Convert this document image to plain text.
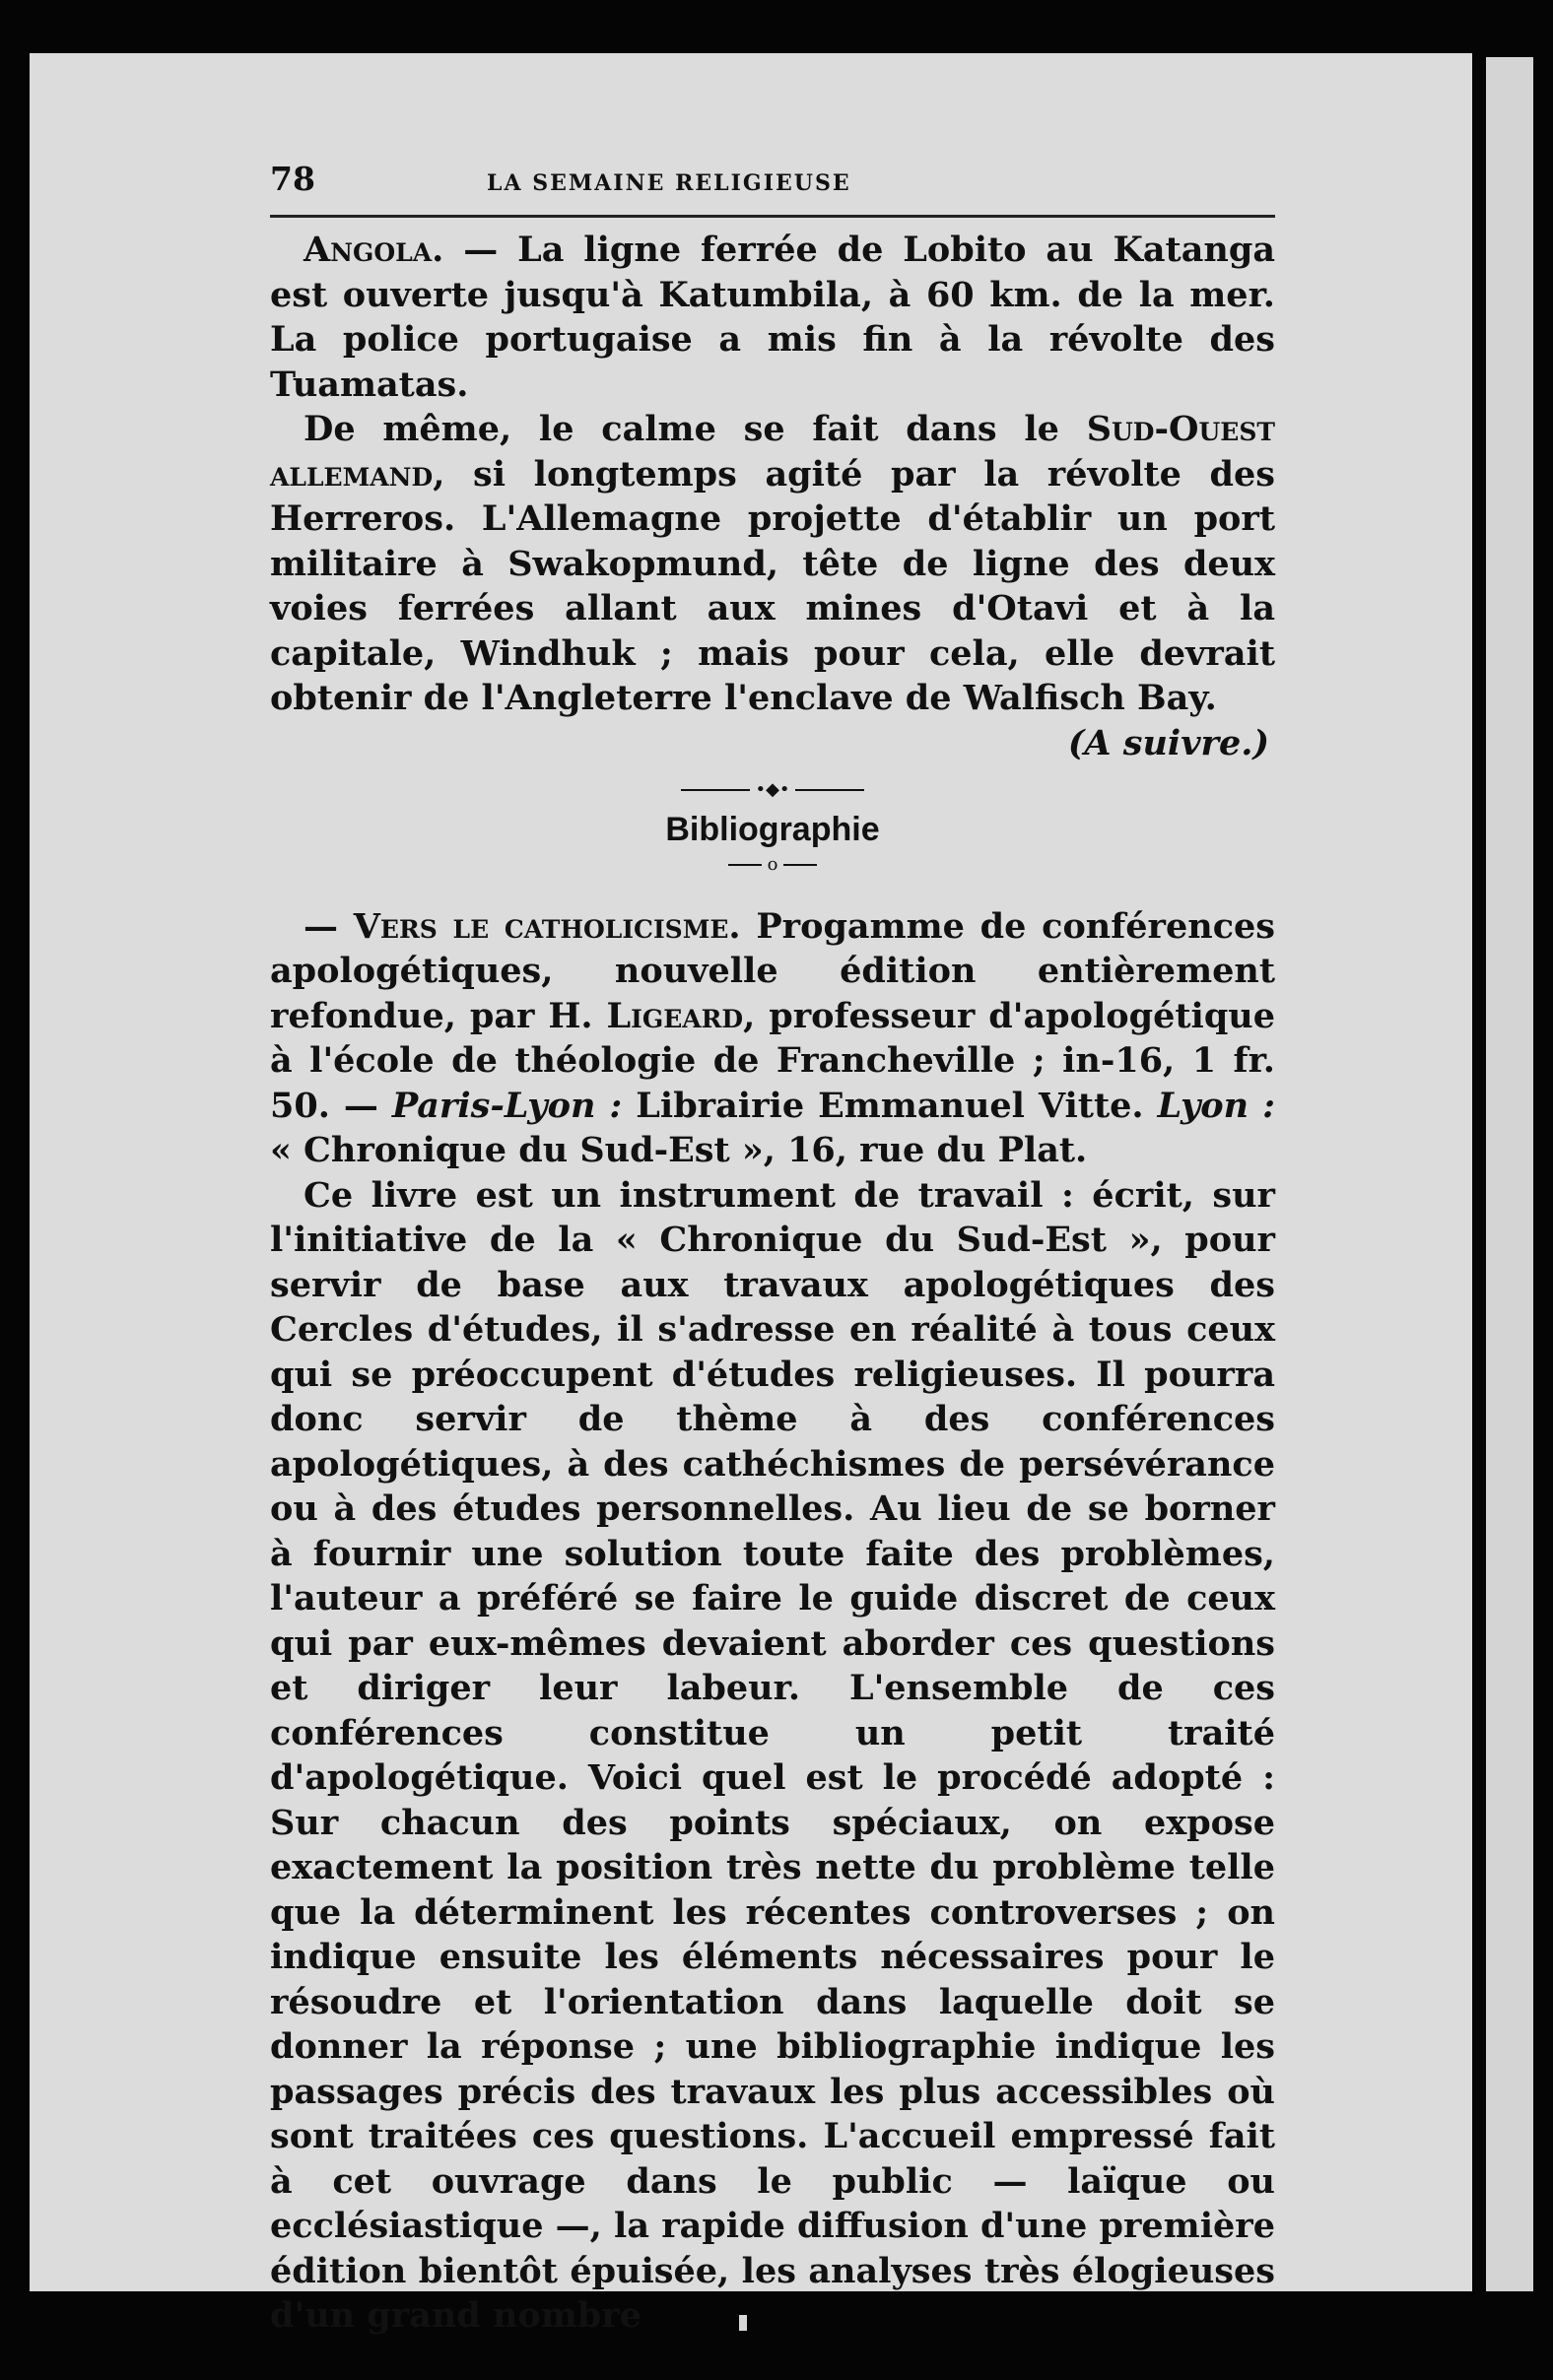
78	LA SEMAINE RELIGIEUSE

Angola. — La ligne ferrée de Lobito au Katanga est ouverte jusqu'à Katumbila, à 60 km. de la mer. La police portugaise a mis fin à la révolte des Tuamatas.

De même, le calme se fait dans le Sud-Ouest allemand, si longtemps agité par la révolte des Herreros. L'Allemagne projette d'établir un port militaire à Swakopmund, tête de ligne des deux voies ferrées allant aux mines d'Otavi et à la capitale, Windhuk ; mais pour cela, elle devrait obtenir de l'Angleterre l'enclave de Walfisch Bay.

(A suivre.)
•◆•
Bibliographie
o

— Vers le catholicisme. Progamme de conférences apologétiques, nouvelle édition entièrement refondue, par H. Ligeard, professeur d'apologétique à l'école de théologie de Francheville ; in-16, 1 fr. 50. — Paris-Lyon : Librairie Emmanuel Vitte. Lyon : « Chronique du Sud-Est », 16, rue du Plat.

Ce livre est un instrument de travail : écrit, sur l'initiative de la « Chronique du Sud-Est », pour servir de base aux travaux apologétiques des Cercles d'études, il s'adresse en réalité à tous ceux qui se préoccupent d'études religieuses. Il pourra donc servir de thème à des conférences apologétiques, à des cathéchismes de persévérance ou à des études personnelles. Au lieu de se borner à fournir une solution toute faite des problèmes, l'auteur a préféré se faire le guide discret de ceux qui par eux-mêmes devaient aborder ces questions et diriger leur labeur. L'ensemble de ces conférences constitue un petit traité d'apologétique. Voici quel est le procédé adopté : Sur chacun des points spéciaux, on expose exactement la position très nette du problème telle que la déterminent les récentes controverses ; on indique ensuite les éléments nécessaires pour le résoudre et l'orientation dans laquelle doit se donner la réponse ; une bibliographie indique les passages précis des travaux les plus accessibles où sont traitées ces questions. L'accueil empressé fait à cet ouvrage dans le public — laïque ou ecclésiastique —, la rapide diffusion d'une première édition bientôt épuisée, les analyses très élogieuses d'un grand nombre
